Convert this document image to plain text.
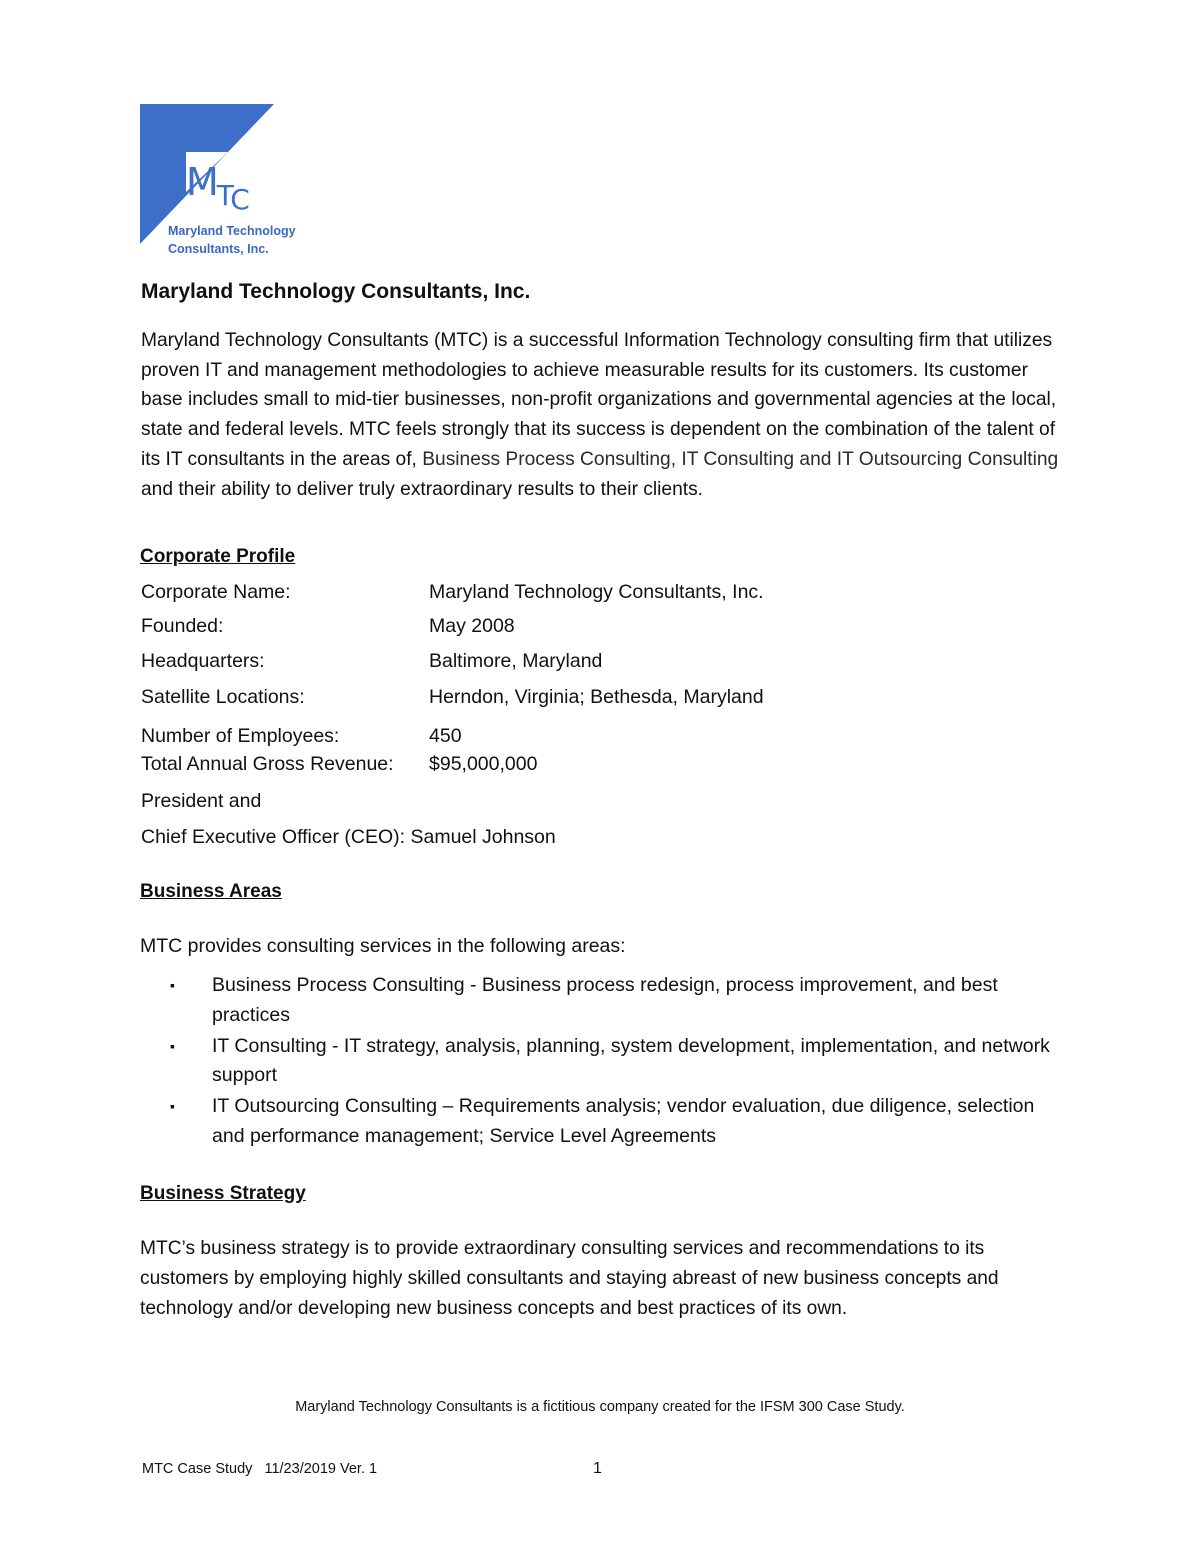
$M_{TC}$
Maryland Technology
Consultants, Inc.
Maryland Technology Consultants, Inc.
Maryland Technology Consultants (MTC) is a successful Information Technology consulting firm that utilizes proven IT and management methodologies to achieve measurable results for its customers. Its customer base includes small to mid-tier businesses, non-profit organizations and governmental agencies at the local, state and federal levels. MTC feels strongly that its success is dependent on the combination of the talent of its IT consultants in the areas of, Business Process Consulting, IT Consulting and IT Outsourcing Consulting and their ability to deliver truly extraordinary results to their clients.
Corporate Profile
Corporate Name:	Maryland Technology Consultants, Inc.
Founded:	May 2008
Headquarters:	Baltimore, Maryland
Satellite Locations:	Herndon, Virginia; Bethesda, Maryland
Number of Employees:	450
Total Annual Gross Revenue: $95,000,000
President and
Chief Executive Officer (CEO): Samuel Johnson
Business Areas
MTC provides consulting services in the following areas:
▪ Business Process Consulting - Business process redesign, process improvement, and best practices
▪ IT Consulting - IT strategy, analysis, planning, system development, implementation, and network support
▪ IT Outsourcing Consulting – Requirements analysis; vendor evaluation, due diligence, selection and performance management; Service Level Agreements
Business Strategy
MTC’s business strategy is to provide extraordinary consulting services and recommendations to its customers by employing highly skilled consultants and staying abreast of new business concepts and technology and/or developing new business concepts and best practices of its own.
Maryland Technology Consultants is a fictitious company created for the IFSM 300 Case Study.
MTC Case Study   11/23/2019 Ver. 1	1
